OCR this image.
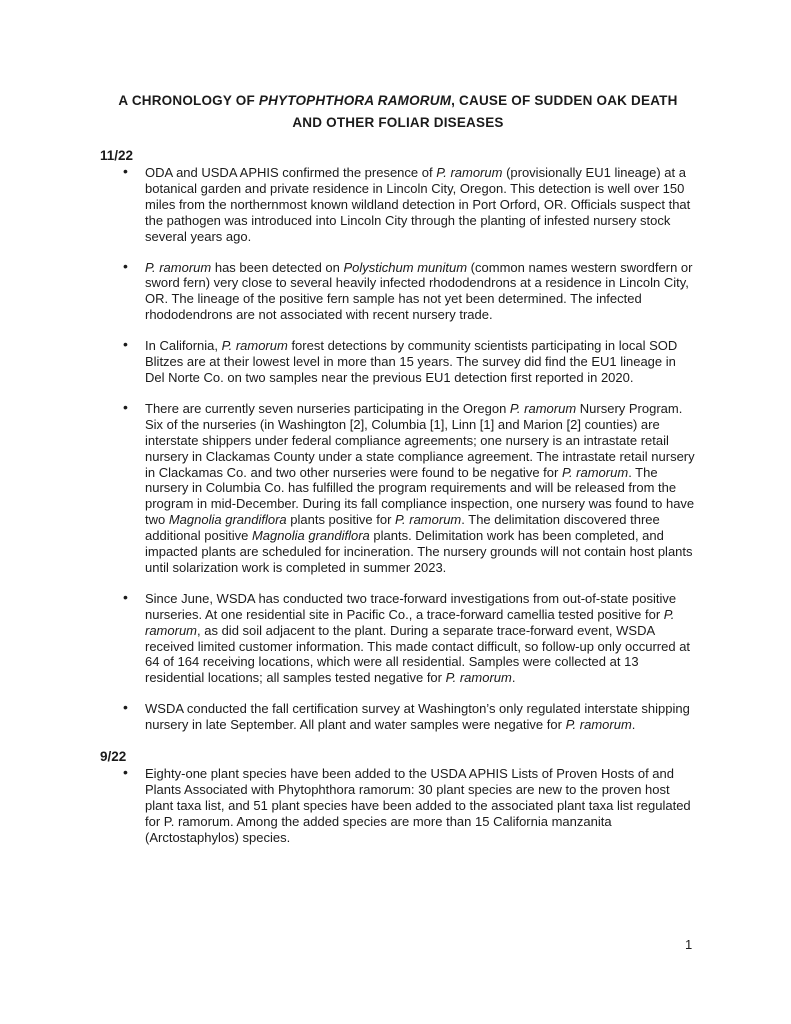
A CHRONOLOGY OF PHYTOPHTHORA RAMORUM, CAUSE OF SUDDEN OAK DEATH
AND OTHER FOLIAR DISEASES
11/22
• ODA and USDA APHIS confirmed the presence of P. ramorum (provisionally EU1 lineage) at a botanical garden and private residence in Lincoln City, Oregon. This detection is well over 150 miles from the northernmost known wildland detection in Port Orford, OR. Officials suspect that the pathogen was introduced into Lincoln City through the planting of infested nursery stock several years ago.
• P. ramorum has been detected on Polystichum munitum (common names western swordfern or sword fern) very close to several heavily infected rhododendrons at a residence in Lincoln City, OR. The lineage of the positive fern sample has not yet been determined. The infected rhododendrons are not associated with recent nursery trade.
• In California, P. ramorum forest detections by community scientists participating in local SOD Blitzes are at their lowest level in more than 15 years. The survey did find the EU1 lineage in Del Norte Co. on two samples near the previous EU1 detection first reported in 2020.
• There are currently seven nurseries participating in the Oregon P. ramorum Nursery Program. Six of the nurseries (in Washington [2], Columbia [1], Linn [1] and Marion [2] counties) are interstate shippers under federal compliance agreements; one nursery is an intrastate retail nursery in Clackamas County under a state compliance agreement. The intrastate retail nursery in Clackamas Co. and two other nurseries were found to be negative for P. ramorum. The nursery in Columbia Co. has fulfilled the program requirements and will be released from the program in mid-December. During its fall compliance inspection, one nursery was found to have two Magnolia grandiflora plants positive for P. ramorum. The delimitation discovered three additional positive Magnolia grandiflora plants. Delimitation work has been completed, and impacted plants are scheduled for incineration. The nursery grounds will not contain host plants until solarization work is completed in summer 2023.
• Since June, WSDA has conducted two trace-forward investigations from out-of-state positive nurseries. At one residential site in Pacific Co., a trace-forward camellia tested positive for P. ramorum, as did soil adjacent to the plant. During a separate trace-forward event, WSDA received limited customer information. This made contact difficult, so follow-up only occurred at 64 of 164 receiving locations, which were all residential. Samples were collected at 13 residential locations; all samples tested negative for P. ramorum.
• WSDA conducted the fall certification survey at Washington’s only regulated interstate shipping nursery in late September. All plant and water samples were negative for P. ramorum.
9/22
• Eighty-one plant species have been added to the USDA APHIS Lists of Proven Hosts of and Plants Associated with Phytophthora ramorum: 30 plant species are new to the proven host plant taxa list, and 51 plant species have been added to the associated plant taxa list regulated for P. ramorum. Among the added species are more than 15 California manzanita (Arctostaphylos) species.
1
